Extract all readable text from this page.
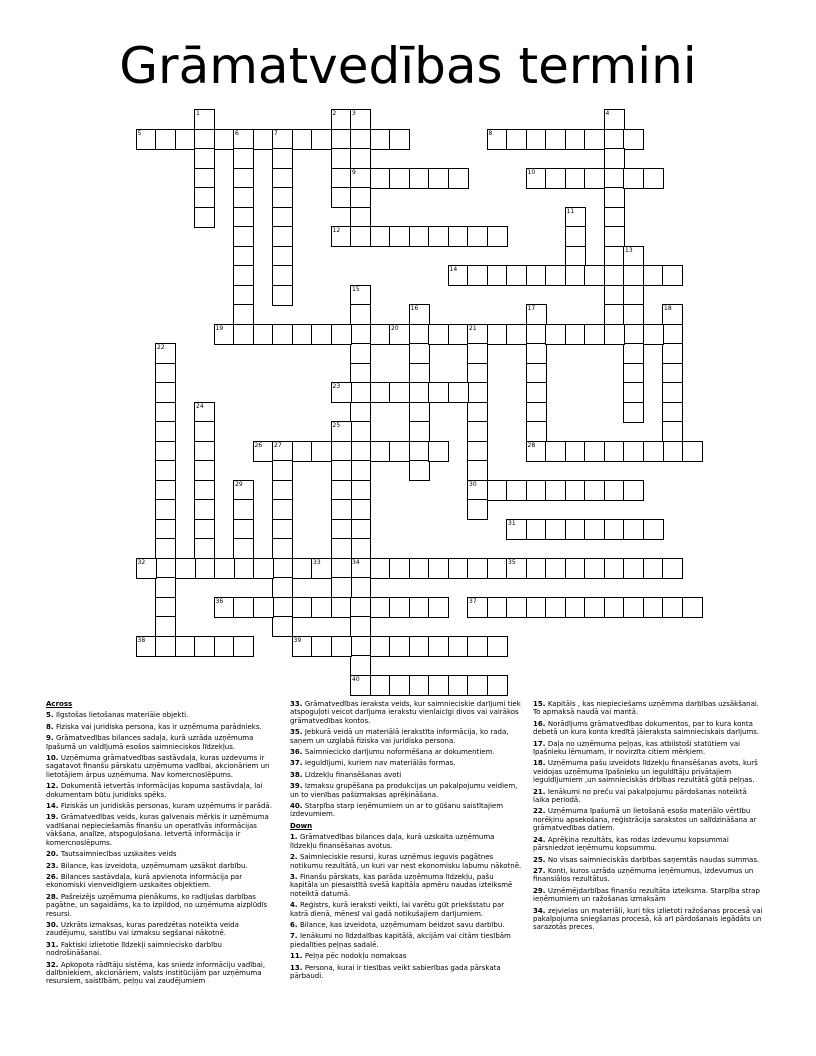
Grāmatvedības termini
5	6	7	8
1	2	3
9
4
10
11
12
13
14
15
34
16	17	18
19	20	21
30
22
23
24
25
26 27	28
29
31
32	33
40
35
36	37
38	39

Across

5. Ilgstošas lietošanas materiāie objekti.

8. Fiziska vai juridiska persona, kas ir uzņēmuma parādnieks.

9. Grāmatvedības bilances sadaļa, kurā uzrāda uzņēmuma īpašumā un valdījumā esošos saimnieciskos līdzekļus.

10. Uzņēmuma grāmatvedības sastāvdaļa, kuras uzdevums ir sagatavot finanšu pārskatu uzņēmuma vadībai, akcionāriem un lietotājiem ārpus uzņēmuma. Nav komercnoslēpums.

12. Dokumentā ietvertās informācijas kopuma sastāvdaļa, lai dokumentam būtu juridisks spēks.

14. Fiziskās un juridiskās personas, kuram uzņēmums ir parādā.

19. Grāmatvedības veids, kuras galvenais mērķis ir uzņēmuma vadīšanai nepieciešamās finanšu un operatīvās informācijas vākšana, analīze, atspoguļošana. Ietvertā informācija ir komercnoslēpums.

20. Tautsaimniecības uzskaites veids

23. Bilance, kas izveidota, uzņēmumam uzsākot darbību.

26. Bilances sastāvdaļa, kurā apvienota informācija par ekonomiski vienveidīgiem uzskaites objektiem.

28. Pašreizējs uzņēmuma pienākums, ko radījušas darbības pagātne, un sagaidāms, ka to izpildod, no uzņēmuma aizplūdīs resursi.

30. Uzkrāts izmaksas, kuras paredzētas noteikta veida zaudējumu, saistību vai izmaksu segšanai nākotnē.

31. Faktiski izlietotie līdzekļi saimnieciskо darbību nodrošināšanai.

32. Apkopota rādītāju sistēma, kas sniedz informāciju vadībai, dalībniekiem, akcionāriem, valsts institūcijām par uzņēmuma resursiem, saistībām, peļņu vai zaudējumiem

33. Grāmatvedības ieraksta veids, kur saimnieciskie darījumi tiek atspoguļoti veicot darījuma ierakstu vienlaicīgi divos vai vairākos grāmatvedības kontos.

35. Jebkurā veidā un materiālā ierakstīta informācija, ko rada, saņem un uzglabā fiziska vai juridiska persona.

36. Saimnieciсko darījumu noformēšana ar dokumentiem.

37. Ieguldījumi, kuriem nav materiālās formas.

38. Līdzekļu finansēšanas avoti

39. Izmaksu grupēšana pa produkcijas un pakalpojumu veidiem, un to vienības pašizmaksas aprēķināšana.

40. Starpība starp ieņēmumiem un ar to gūšanu saistītajiem izdevumiem.

Down

1. Grāmatvedības bilances daļa, kurā uzskaita uzņēmuma līdzekļu finansēšanas avotus.

2. Saimnieciskie resursi, kuras uzņēmus ieguvis pagātnes notikumu rezultātā, un kuri var nest ekonomisku labumu nākotnē.

3. Finanšu pārskats, kas parāda uzņēmuma līdzekļu, pašu kapitāla un piesaistītā svešā kapitāla apmēru naudas izteiksmē noteiktā datumā.

4. Reģistrs, kurā ieraksti veikti, lai varētu gūt priekšstatu par katrā dienā, mēnesī vai gadā notikušajiem darījumiem.

6. Bilance, kas izveidota, uzņēmumam beidzot savu darbību.

7. Ienākumi no līdzdalības kapitālā, akcijām vai citām tiesībām piedalīties peļņas sadalē.

11. Peļņa pēc nodokļu nomaksas

13. Persona, kurai ir tiesības veikt sabierības gada pārskata pārbaudi.

15. Kapitāls , kas niepieciešams uzņēmma darbības uzsākšanai. To apmaksā naudā vai mantā.

16. Norādījums grāmatvedības dokumentos, par to kura konta debetā un kura konta kredītā jāieraksta saimnieciskais darījums.

17. Daļa no uzņēmuma peļņas, kas atbilstoši statūtiem vai īpašnieku lēmumam, ir novirzīta citiem mērķiem.

18. Uzņēmuma pašu izveidots līdzekļu finansēšanas avots, kurš veidojas uzņēmuma īpašnieku un ieguldītāju privātajiem ieguldījumiem ,un saimnieciskās drbības rezultātā gūtā peļņas.

21. Ienākumi no preču vai pakalpojumu pārdošanas noteiktā laika periodā.

22. Uzņēmuma īpašumā un lietošanā esošo materiālo vērtību norēķinu apsekošana, reģistrācija sarakstos un salīdzināšana ar grāmatvedības datiem.

24. Aprēķina rezultāts, kas rodas izdevumu kopsummai pārsniedzot ieņēmumu kopsummu.

25. No visas saimnieciskās darbības saņemtās naudas summas.

27. Konti, kuros uzrāda uzņēmuma ieņēmumus, izdevumus un finansiālos rezultātus.

29. Uzņēmējdarbības finanšu rezultāta izteiksma. Starpība strap ieņēmumiem un ražošanas izmaksām

34. zejvielas un materiāli, kuri tiks izlietoti ražošanas procesā vai pakalpojuma sniegšanas procesā, kā arī pārdošanais iegādāts un sarazotās preces.
